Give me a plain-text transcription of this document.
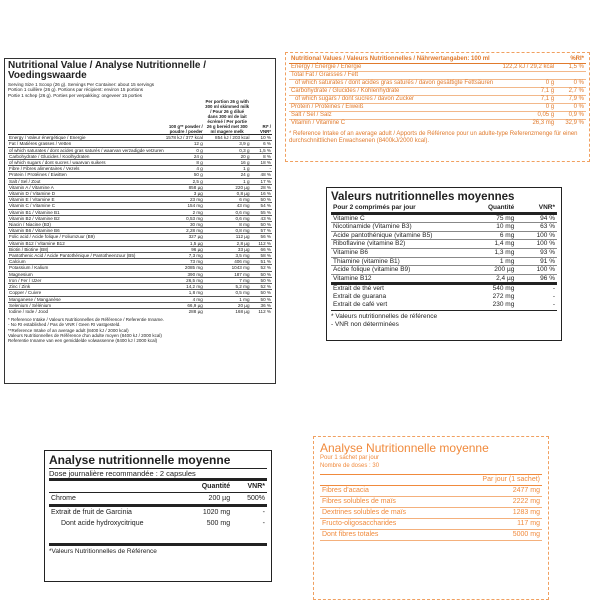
Nutritional Value / Analyse Nutritionnelle / Voedingswaarde
Serving Size 1 Scoop (26 g). Servings Per Container: about 15 servings
Portion 1 cuillère (26 g). Portions par récipient: environ 15 portions
Portie 1 schep (26 g). Porties per verpakking: ongeveer 15 porties
	100 g** powder / poudre / poeder	Per portion 26 g with 300 ml skimmed milk / Pour 26 g dilué dans 300 ml de lait écrémé / Per portie 26 g bereid met 300 ml magere melk	RI* / VNR*
Energy / Valeur énergétique / Energie	1578 kJ / 377 kcal	854 kJ / 203 kcal	10 %
Fat / Matières grasses / Vetten	12 g	3,9 g	6 %
of which saturates / dont acides gras saturés / waarvan verzadigde vetzuren	0 g	0,3 g	1,5 %
Carbohydrate / Glucides / Koolhydraten	24 g	20 g	8 %
of which sugars / dont sucres / waarvan suikers	8 g	16 g	18 %
Fibre / Fibres alimentaires / Vezels	4 g	1 g	-
Protein / Protéines / Eiwitten	50 g	24 g	48 %
Salt / Sel / Zout	2,5 g	1 g	17 %
Vitamin A / Vitamine A	858 µg	220 µg	28 %
Vitamin D / Vitamine D	3 µg	0,8 µg	16 %
Vitamin E / Vitamine E	23 mg	6 mg	50 %
Vitamin C / Vitamine C	154 mg	43 mg	54 %
Vitamin B1 / Vitamine B1	2 mg	0,6 mg	55 %
Vitamin B2 / Vitamine B2	0,53 mg	0,6 mg	43 %
Niacin / Niacine (B3)	30 mg	8 mg	50 %
Vitamin B6 / Vitamine B6	2,28 mg	0,8 mg	57 %
Folic acid / Acide folique / Foliumzuur (B9)	327 µg	112 µg	56 %
Vitamin B12 / Vitamine B12	1,5 µg	2,8 µg	112 %
Biotin / Biotine (B8)	96 µg	33 µg	66 %
Pantothenic Acid / Acide Pantothénique / Pantotheenzuur (B5)	7,3 mg	3,5 mg	58 %
Calcium	73 mg	406 mg	51 %
Potassium / Kalium	2085 mg	1043 mg	52 %
Magnesium	390 mg	187 mg	50 %
Iron / Fer / IJzer	26,5 mg	7 mg	50 %
Zinc / Zink	14,2 mg	5,2 mg	52 %
Copper / Cuivre	1,8 mg	0,5 mg	50 %
Manganese / Manganèse	4 mg	1 mg	50 %
Selenium / Sélénium	66,9 µg	20 µg	36 %
Iodine / Iode / Jood	288 µg	168 µg	112 %
* Reference Intake / Valeurs Nutritionnelles de Référence / Referentie Inname.
- No RI established / Pas de VNR / Geen RI vastgesteld.
**Reference Intake of an average adult (8400 kJ / 2000 kcal)
Valeurs Nutritionnelles de Référence d'un adulte moyen (8400 kJ / 2000 kcal)
Referentie Inname van een gemiddelde volwassenne (8400 kJ / 2000 kcal)
Nutritional Values / Valeurs Nutritionnelles / Nährwertangaben: 100 ml		%RI*
Energy / Énergie / Energie	122,2 kJ / 29,2 kcal	1,5 %
Total Fat / Graisses / Fett		
of which saturates / dont acides gras saturés / davon gesättigte Fettsäuren	0 g	0 %
Carbohydrate / Glucides / Kohlenhydrate	7,1 g	2,7 %
of which sugars / dont sucres / davon Zucker	7,1 g	7,9 %
Protein / Protéines / Eiweiß	0 g	0 %
Salt / Sel / Salz	0,05 g	0,9 %
Vitamin / Vitamine C	26,3 mg	32,9 %
* Reference Intake of an average adult / Apports de Référence pour un adulte-type Referenzmenge für einen durchschnittlichen Erwachsenen (8400kJ/2000 kcal).
Valeurs nutritionnelles moyennes
Pour 2 comprimés par jour	Quantité	VNR*
Vitamine C	75 mg	94 %
Nicotinamide (Vitamine B3)	10 mg	63 %
Acide pantothénique (vitamine B5)	6 mg	100 %
Riboflavine (vitamine B2)	1,4 mg	100 %
Vitamine B6	1,3 mg	93 %
Thiamine (vitamine B1)	1 mg	91 %
Acide folique (vitamine B9)	200 µg	100 %
Vitamine B12	2,4 µg	96 %
Extrait de thé vert	540 mg	-
Extrait de guarana	272 mg	-
Extrait de café vert	230 mg	-
* Valeurs nutritionnelles de référence
- VNR non déterminées
Analyse nutritionnelle moyenne
Dose journalière recommandée : 2 capsules
	Quantité	VNR*
Chrome	200 µg	500%
Extrait de fruit de Garcinia	1020 mg	-
Dont acide hydroxycitrique	500 mg	-
*Valeurs Nutritionnelles de Référence
Analyse Nutritionnelle moyenne
Pour 1 sachet par jour
Nombre de doses : 30
	Par jour (1 sachet)
Fibres d'acacia	2477 mg
Fibres solubles de maïs	2222 mg
Dextrines solubles de maïs	1283 mg
Fructo-oligosaccharides	117 mg
Dont fibres totales	5000 mg
